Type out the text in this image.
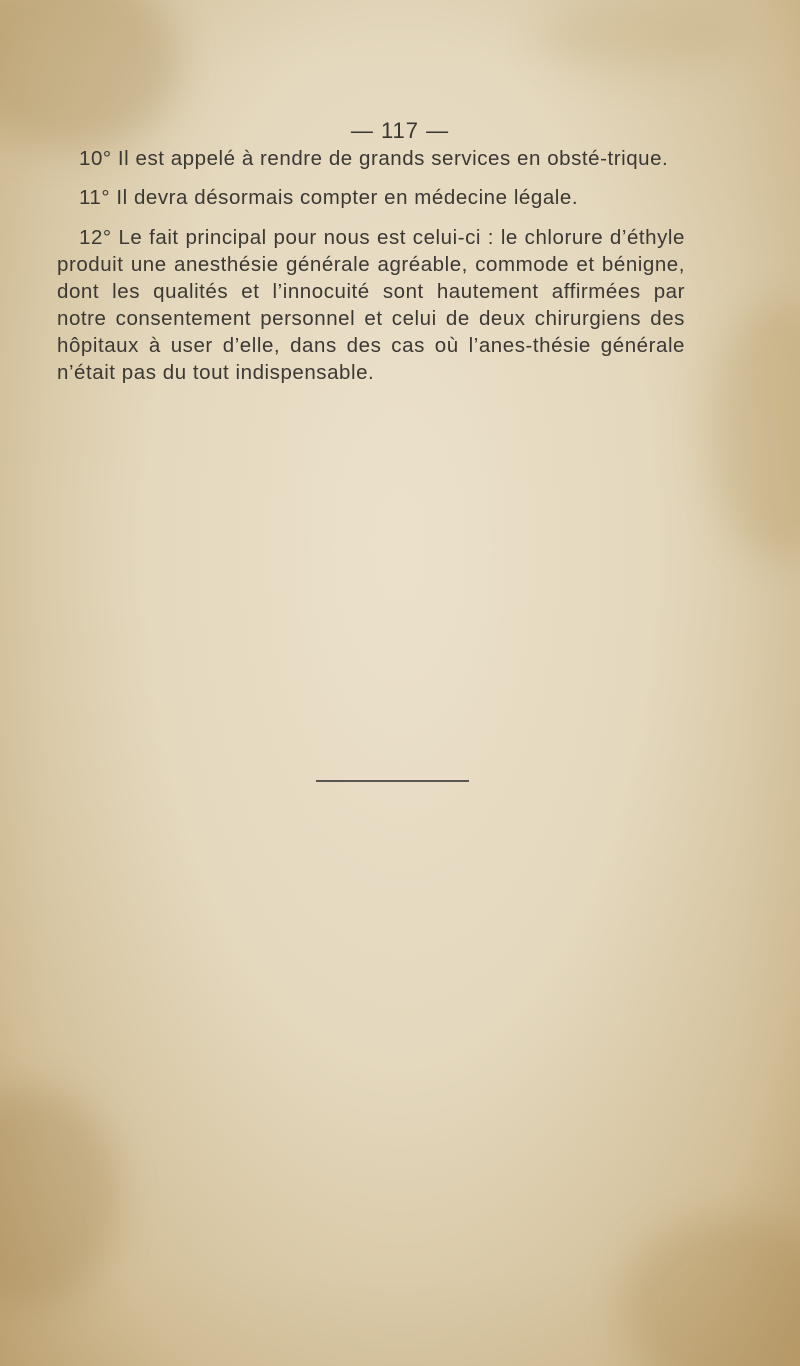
— 117 —

10° Il est appelé à rendre de grands services en obsté-trique.

11° Il devra désormais compter en médecine légale.

12° Le fait principal pour nous est celui-ci : le chlorure d’éthyle produit une anesthésie générale agréable, commode et bénigne, dont les qualités et l’innocuité sont hautement affirmées par notre consentement personnel et celui de deux chirurgiens des hôpitaux à user d’elle, dans des cas où l’anes-thésie générale n’était pas du tout indispensable.
